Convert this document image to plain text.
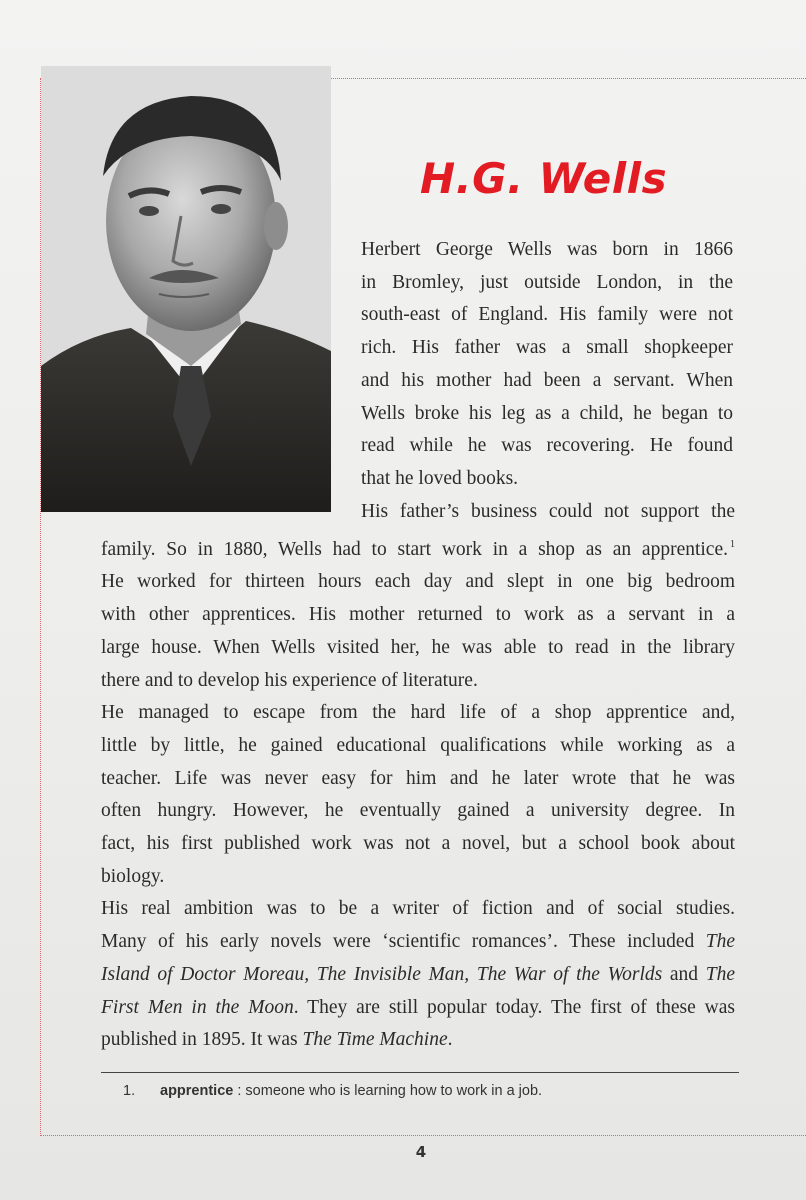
H.G. Wells
Herbert George Wells was born in 1866
in Bromley, just outside London, in the
south-east of England. His family were not
rich. His father was a small shopkeeper
and his mother had been a servant. When
Wells broke his leg as a child, he began to
read while he was recovering. He found
that he loved books.
His father’s business could not support the
family. So in 1880, Wells had to start work in a shop as an apprentice. $^1$
He worked for thirteen hours each day and slept in one big bedroom
with other apprentices. His mother returned to work as a servant in a
large house. When Wells visited her, he was able to read in the library
there and to develop his experience of literature.
He managed to escape from the hard life of a shop apprentice and,
little by little, he gained educational qualifications while working as a
teacher. Life was never easy for him and he later wrote that he was
often hungry. However, he eventually gained a university degree. In
fact, his first published work was not a novel, but a school book about
biology.
His real ambition was to be a writer of fiction and of social studies.
Many of his early novels were ‘scientific romances’. These included The
Island of Doctor Moreau, The Invisible Man, The War of the Worlds and The
First Men in the Moon. They are still popular today. The first of these was
published in 1895. It was The Time Machine.
1. apprentice : someone who is learning how to work in a job.
4
